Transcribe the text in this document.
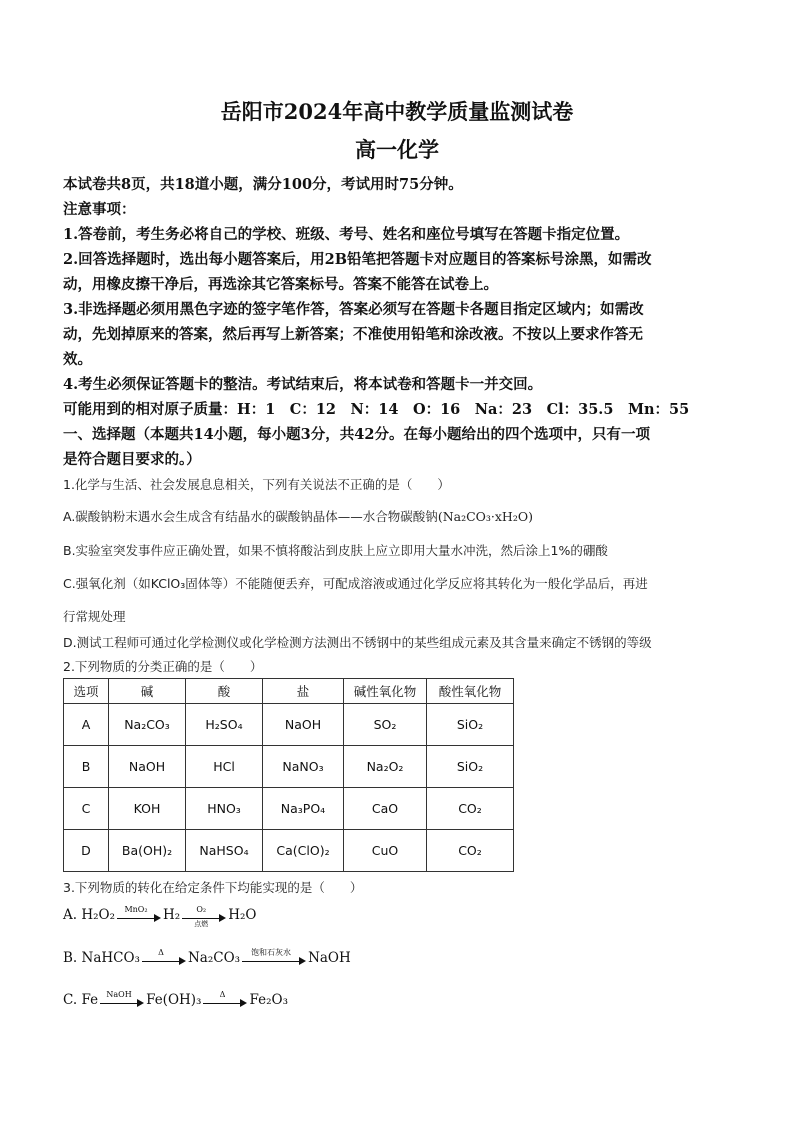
岳阳市2024年高中教学质量监测试卷
高一化学
本试卷共8页，共18道小题，满分100分，考试用时75分钟。
注意事项：
1.答卷前，考生务必将自己的学校、班级、考号、姓名和座位号填写在答题卡指定位置。
2.回答选择题时，选出每小题答案后，用2B铅笔把答题卡对应题目的答案标号涂黑，如需改
动，用橡皮擦干净后，再选涂其它答案标号。答案不能答在试卷上。
3.非选择题必须用黑色字迹的签字笔作答，答案必须写在答题卡各题目指定区域内；如需改
动，先划掉原来的答案，然后再写上新答案；不准使用铅笔和涂改液。不按以上要求作答无
效。
4.考生必须保证答题卡的整洁。考试结束后，将本试卷和答题卡一并交回。
可能用到的相对原子质量：H：1　C：12　N：14　O：16　Na：23　Cl：35.5　Mn：55
一、选择题（本题共14小题，每小题3分，共42分。在每小题给出的四个选项中，只有一项
是符合题目要求的。）
1.化学与生活、社会发展息息相关，下列有关说法不正确的是（　　）
A.碳酸钠粉末遇水会生成含有结晶水的碳酸钠晶体——水合物碳酸钠(Na₂CO₃·xH₂O)
B.实验室突发事件应正确处置，如果不慎将酸沾到皮肤上应立即用大量水冲洗，然后涂上1%的硼酸
C.强氧化剂（如KClO₃固体等）不能随便丢弃，可配成溶液或通过化学反应将其转化为一般化学品后，再进
行常规处理
D.测试工程师可通过化学检测仪或化学检测方法测出不锈钢中的某些组成元素及其含量来确定不锈钢的等级
2.下列物质的分类正确的是（　　）
选项	碱	酸	盐	碱性氧化物	酸性氧化物
A	Na₂CO₃	H₂SO₄	NaOH	SO₂	SiO₂
B	NaOH	HCl	NaNO₃	Na₂O₂	SiO₂
C	KOH	HNO₃	Na₃PO₄	CaO	CO₂
D	Ba(OH)₂	NaHSO₄	Ca(ClO)₂	CuO	CO₂
3.下列物质的转化在给定条件下均能实现的是（　　）
A. H₂O₂	MnO₂	H₂	O₂
点燃
H₂O
B. NaHCO₃	Δ	Na₂CO₃	饱和石灰水	NaOH
C. Fe	NaOH	Fe(OH)₃	Δ	Fe₂O₃
